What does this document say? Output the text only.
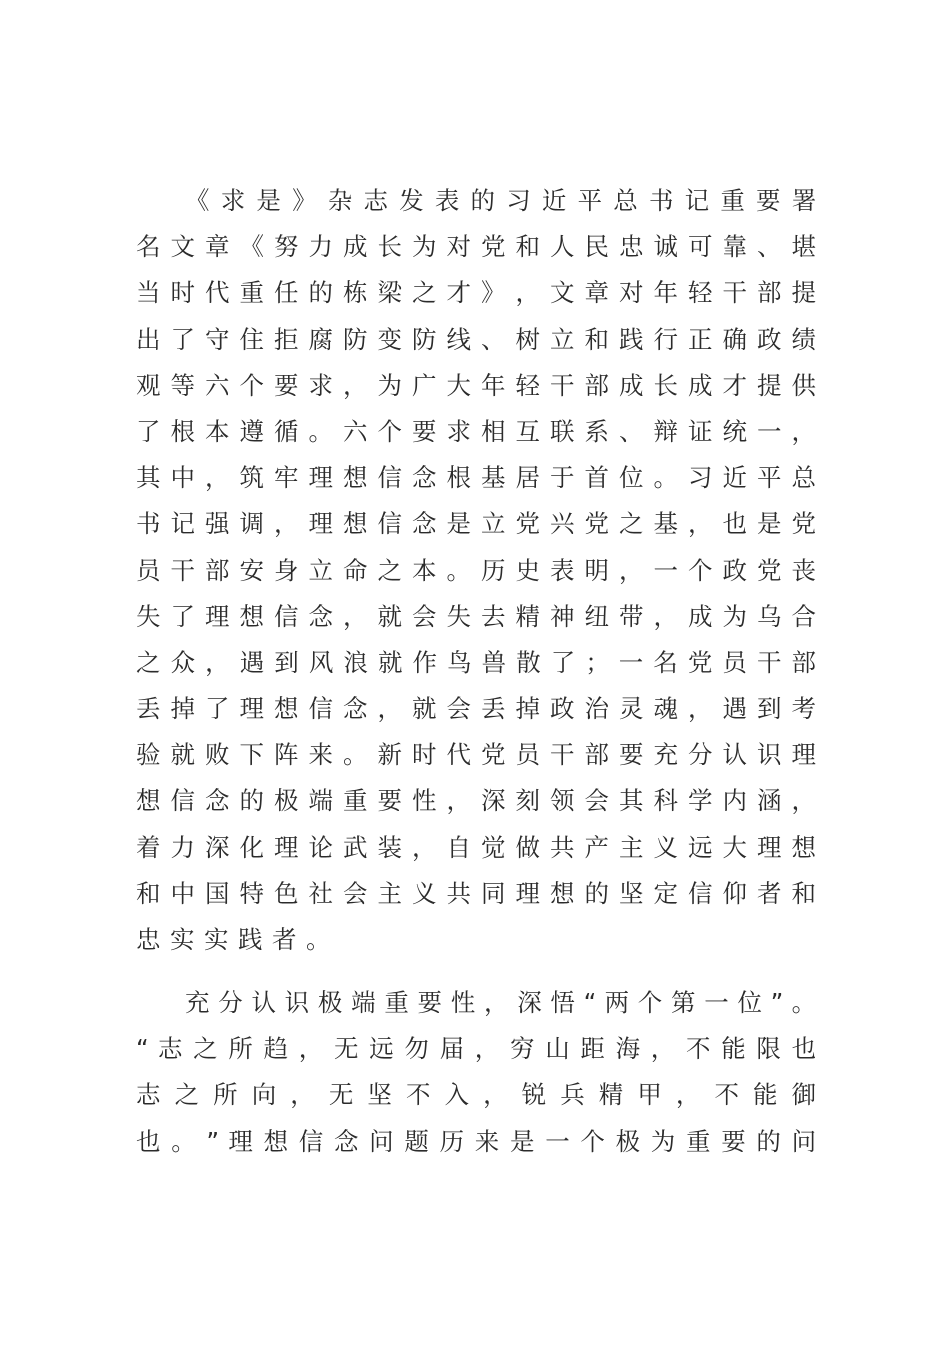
《 求 是 》 杂 志 发 表 的 习 近 平 总 书 记 重 要 署
名 文 章 《 努 力 成 长 为 对 党 和 人 民 忠 诚 可 靠 、 堪
当 时 代 重 任 的 栋 梁 之 才 》 ， 文 章 对 年 轻 干 部 提
出 了 守 住 拒 腐 防 变 防 线 、 树 立 和 践 行 正 确 政 绩
观 等 六 个 要 求 ， 为 广 大 年 轻 干 部 成 长 成 才 提 供
了 根 本 遵 循 。 六 个 要 求 相 互 联 系 、 辩 证 统 一 ，
其 中 ， 筑 牢 理 想 信 念 根 基 居 于 首 位 。 习 近 平 总
书 记 强 调 ， 理 想 信 念 是 立 党 兴 党 之 基 ， 也 是 党
员 干 部 安 身 立 命 之 本 。 历 史 表 明 ， 一 个 政 党 丧
失 了 理 想 信 念 ， 就 会 失 去 精 神 纽 带 ， 成 为 乌 合
之 众 ， 遇 到 风 浪 就 作 鸟 兽 散 了 ； 一 名 党 员 干 部
丢 掉 了 理 想 信 念 ， 就 会 丢 掉 政 治 灵 魂 ， 遇 到 考
验 就 败 下 阵 来 。 新 时 代 党 员 干 部 要 充 分 认 识 理
想 信 念 的 极 端 重 要 性 ， 深 刻 领 会 其 科 学 内 涵 ，
着 力 深 化 理 论 武 装 ， 自 觉 做 共 产 主 义 远 大 理 想
和 中 国 特 色 社 会 主 义 共 同 理 想 的 坚 定 信 仰 者 和
忠实实践者。
充 分 认 识 极 端 重 要 性 ， 深 悟 “ 两 个 第 一 位 ” 。
“ 志 之 所 趋 ， 无 远 勿 届 ， 穷 山 距 海 ， 不 能 限 也
志 之 所 向 ， 无 坚 不 入 ， 锐 兵 精 甲 ， 不 能 御
也 。 ” 理 想 信 念 问 题 历 来 是 一 个 极 为 重 要 的 问
